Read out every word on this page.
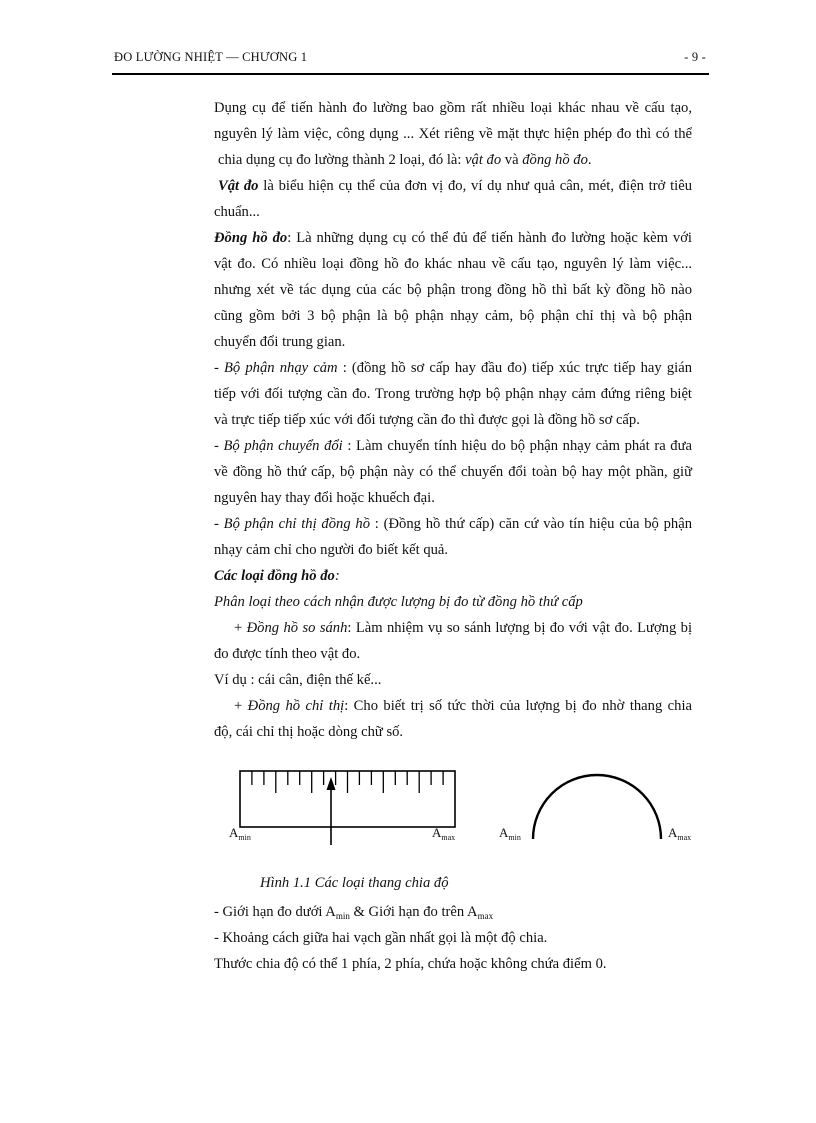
ĐO LƯỜNG NHIỆT — CHƯƠNG 1	- 9 -
Dụng cụ để tiến hành đo lường bao gồm rất nhiều loại khác nhau về cấu tạo,
nguyên lý làm việc, công dụng ... Xét riêng về mặt thực hiện phép đo thì có thể
chia dụng cụ đo lường thành 2 loại, đó là: vật đo và đồng hồ đo.
Vật đo là biểu hiện cụ thể của đơn vị đo, ví dụ như quả cân, mét, điện trở tiêu
chuẩn...
Đồng hồ đo: Là những dụng cụ có thể đủ để tiến hành đo lường hoặc kèm với
vật đo. Có nhiều loại đồng hồ đo khác nhau về cấu tạo, nguyên lý làm việc...
nhưng xét về tác dụng của các bộ phận trong đồng hồ thì bất kỳ đồng hồ nào
cũng gồm bởi 3 bộ phận là bộ phận nhạy cảm, bộ phận chỉ thị và bộ phận
chuyển đổi trung gian.
- Bộ phận nhạy cảm : (đồng hồ sơ cấp hay đầu đo) tiếp xúc trực tiếp hay gián
tiếp với đối tượng cần đo. Trong trường hợp bộ phận nhạy cảm đứng riêng biệt
và trực tiếp tiếp xúc với đối tượng cần đo thì được gọi là đồng hồ sơ cấp.
- Bộ phận chuyển đổi : Làm chuyển tính hiệu do bộ phận nhạy cảm phát ra đưa
về đồng hồ thứ cấp, bộ phận này có thể chuyển đổi toàn bộ hay một phần, giữ
nguyên hay thay đổi hoặc khuếch đại.
- Bộ phận chỉ thị đồng hồ : (Đồng hồ thứ cấp) căn cứ vào tín hiệu của bộ phận
nhạy cảm chỉ cho người đo biết kết quả.
Các loại đồng hồ đo:
Phân loại theo cách nhận được lượng bị đo từ đồng hồ thứ cấp
+ Đồng hồ so sánh: Làm nhiệm vụ so sánh lượng bị đo với vật đo. Lượng bị
đo được tính theo vật đo.
Ví dụ : cái cân, điện thế kế...
+ Đồng hồ chỉ thị: Cho biết trị số tức thời của lượng bị đo nhờ thang chia
độ, cái chỉ thị hoặc dòng chữ số.
$A_{min}$	$A_{max}$	$A_{min}$	$A_{max}$
Hình 1.1 Các loại thang chia độ
- Giới hạn đo dưới $A_{min}$ & Giới hạn đo trên $A_{max}$
- Khoảng cách giữa hai vạch gần nhất gọi là một độ chia.
Thước chia độ có thể 1 phía, 2 phía, chứa hoặc không chứa điểm 0.
